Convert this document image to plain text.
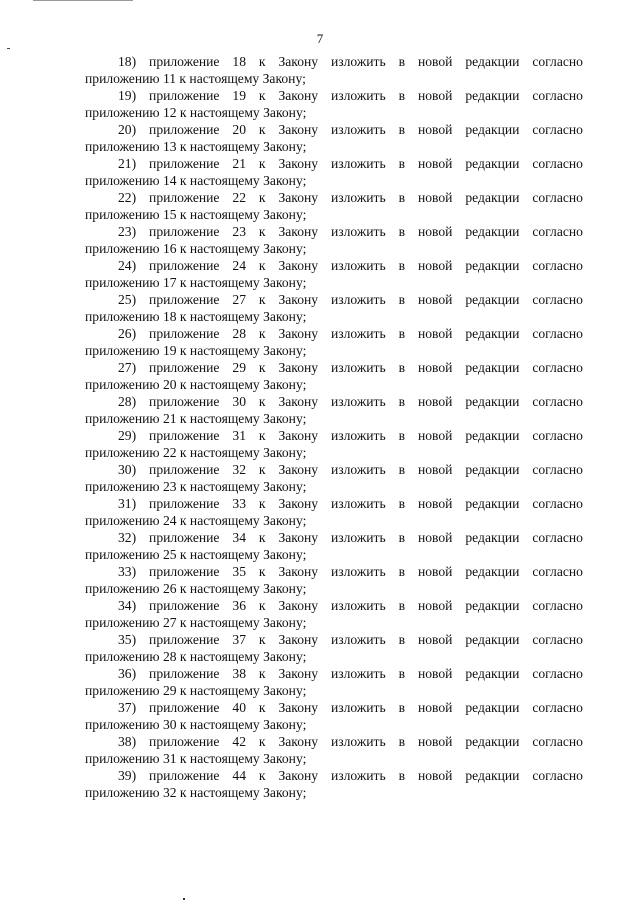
7
18) приложение 18 к Закону изложить в новой редакции согласно
приложению 11 к настоящему Закону;
19) приложение 19 к Закону изложить в новой редакции согласно
приложению 12 к настоящему Закону;
20) приложение 20 к Закону изложить в новой редакции согласно
приложению 13 к настоящему Закону;
21) приложение 21 к Закону изложить в новой редакции согласно
приложению 14 к настоящему Закону;
22) приложение 22 к Закону изложить в новой редакции согласно
приложению 15 к настоящему Закону;
23) приложение 23 к Закону изложить в новой редакции согласно
приложению 16 к настоящему Закону;
24) приложение 24 к Закону изложить в новой редакции согласно
приложению 17 к настоящему Закону;
25) приложение 27 к Закону изложить в новой редакции согласно
приложению 18 к настоящему Закону;
26) приложение 28 к Закону изложить в новой редакции согласно
приложению 19 к настоящему Закону;
27) приложение 29 к Закону изложить в новой редакции согласно
приложению 20 к настоящему Закону;
28) приложение 30 к Закону изложить в новой редакции согласно
приложению 21 к настоящему Закону;
29) приложение 31 к Закону изложить в новой редакции согласно
приложению 22 к настоящему Закону;
30) приложение 32 к Закону изложить в новой редакции согласно
приложению 23 к настоящему Закону;
31) приложение 33 к Закону изложить в новой редакции согласно
приложению 24 к настоящему Закону;
32) приложение 34 к Закону изложить в новой редакции согласно
приложению 25 к настоящему Закону;
33) приложение 35 к Закону изложить в новой редакции согласно
приложению 26 к настоящему Закону;
34) приложение 36 к Закону изложить в новой редакции согласно
приложению 27 к настоящему Закону;
35) приложение 37 к Закону изложить в новой редакции согласно
приложению 28 к настоящему Закону;
36) приложение 38 к Закону изложить в новой редакции согласно
приложению 29 к настоящему Закону;
37) приложение 40 к Закону изложить в новой редакции согласно
приложению 30 к настоящему Закону;
38) приложение 42 к Закону изложить в новой редакции согласно
приложению 31 к настоящему Закону;
39) приложение 44 к Закону изложить в новой редакции согласно
приложению 32 к настоящему Закону;
